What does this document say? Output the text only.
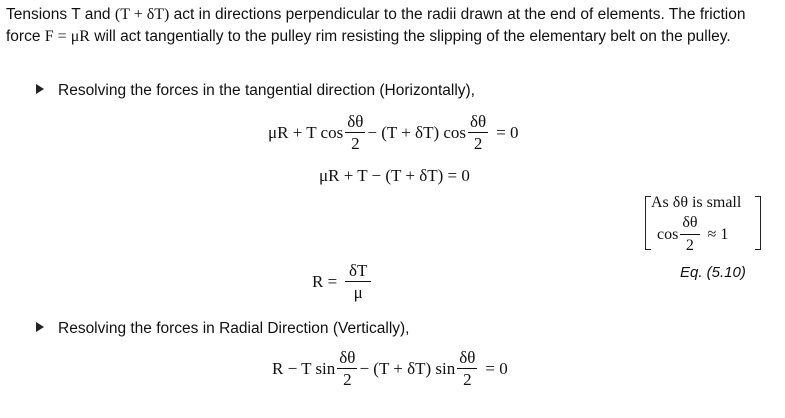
Tensions T and (T + δT) act in directions perpendicular to the radii drawn at the end of elements. The friction force F = μR will act tangentially to the pulley rim resisting the slipping of the elementary belt on the pulley.

Resolving the forces in the tangential direction (Horizontally),
μR + T $\cos \frac{\delta\theta}{2} - (T + \delta T)$ $\cos \frac{\delta\theta}{2} = 0$
μR + T − (T + δT) = 0
As δθ is small
$\cos \frac{\delta\theta}{2} \approx 1$
Eq. (5.10)
$R = \frac{\delta T}{\mu}$
Resolving the forces in Radial Direction (Vertically),
R − T $\sin \frac{\delta\theta}{2} - (T + \delta T)$ $\sin \frac{\delta\theta}{2} = 0$
